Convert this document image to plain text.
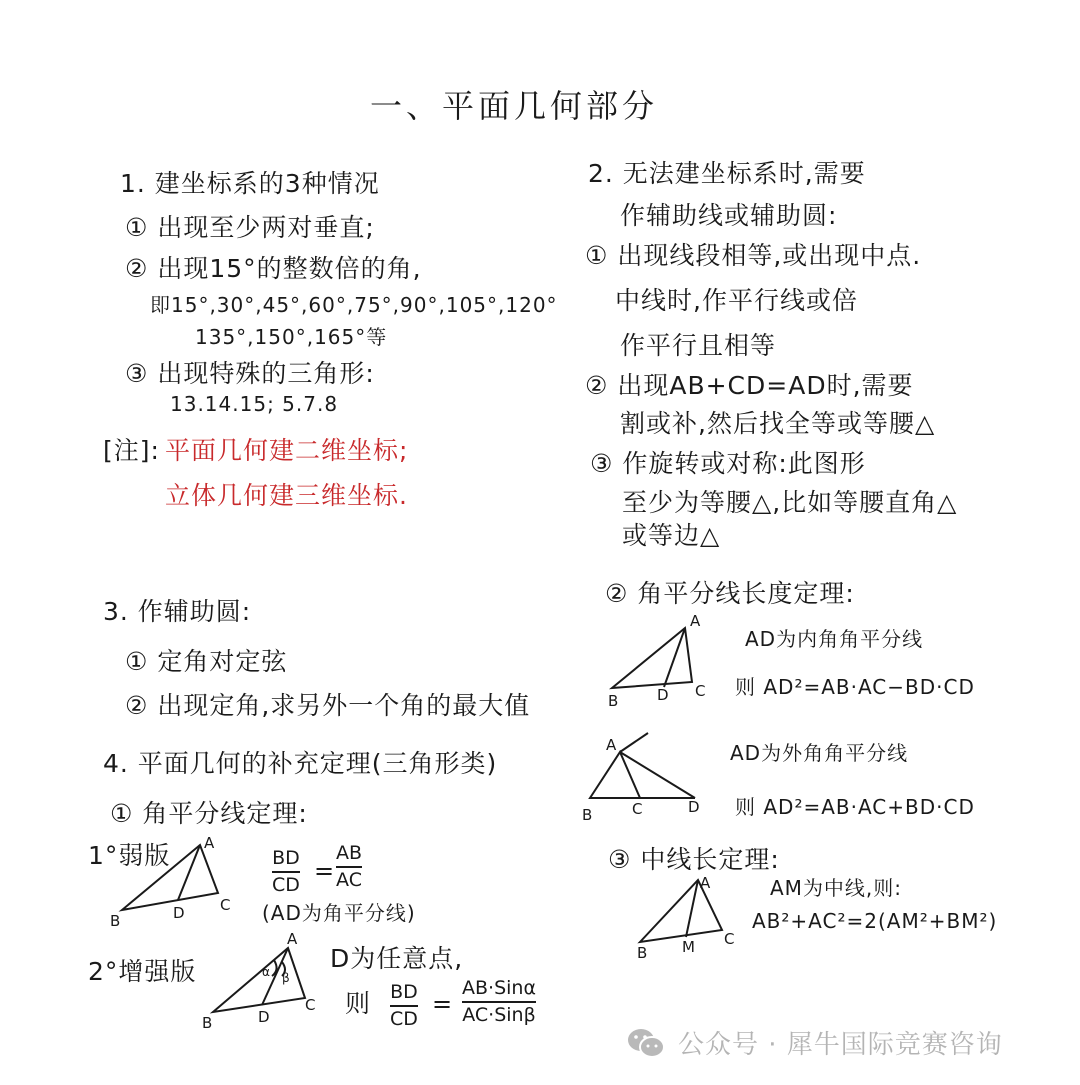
一、平面几何部分
1. 建坐标系的3种情况
① 出现至少两对垂直;
② 出现15°的整数倍的角,
即15°,30°,45°,60°,75°,90°,105°,120°
135°,150°,165°等
③ 出现特殊的三角形:
13.14.15; 5.7.8
[注]: 平面几何建二维坐标;
立体几何建三维坐标.
3. 作辅助圆:
① 定角对定弦
② 出现定角,求另外一个角的最大值
4. 平面几何的补充定理(三角形类)
① 角平分线定理:
1°弱版	BD
CD =
AB
AC
(AD为角平分线)
2°增强版	D为任意点,
则 BD
CD
=
AB·Sinα
AC·Sinβ
2. 无法建坐标系时,需要
作辅助线或辅助圆:
① 出现线段相等,或出现中点.
中线时,作平行线或倍
作平行且相等
② 出现AB+CD=AD时,需要
割或补,然后找全等或等腰△
③ 作旋转或对称:此图形
至少为等腰△,比如等腰直角△
或等边△
② 角平分线长度定理:
AD为内角角平分线
则 AD²=AB·AC−BD·CD
AD为外角角平分线
则 AD²=AB·AC+BD·CD
③ 中线长定理:
AM为中线,则:
AB²+AC²=2(AM²+BM²)
A
B	D C
A
B	C	D
A
B	D C
A
B	D
C
α β
A
B M C
公众号 · 犀牛国际竞赛咨询
